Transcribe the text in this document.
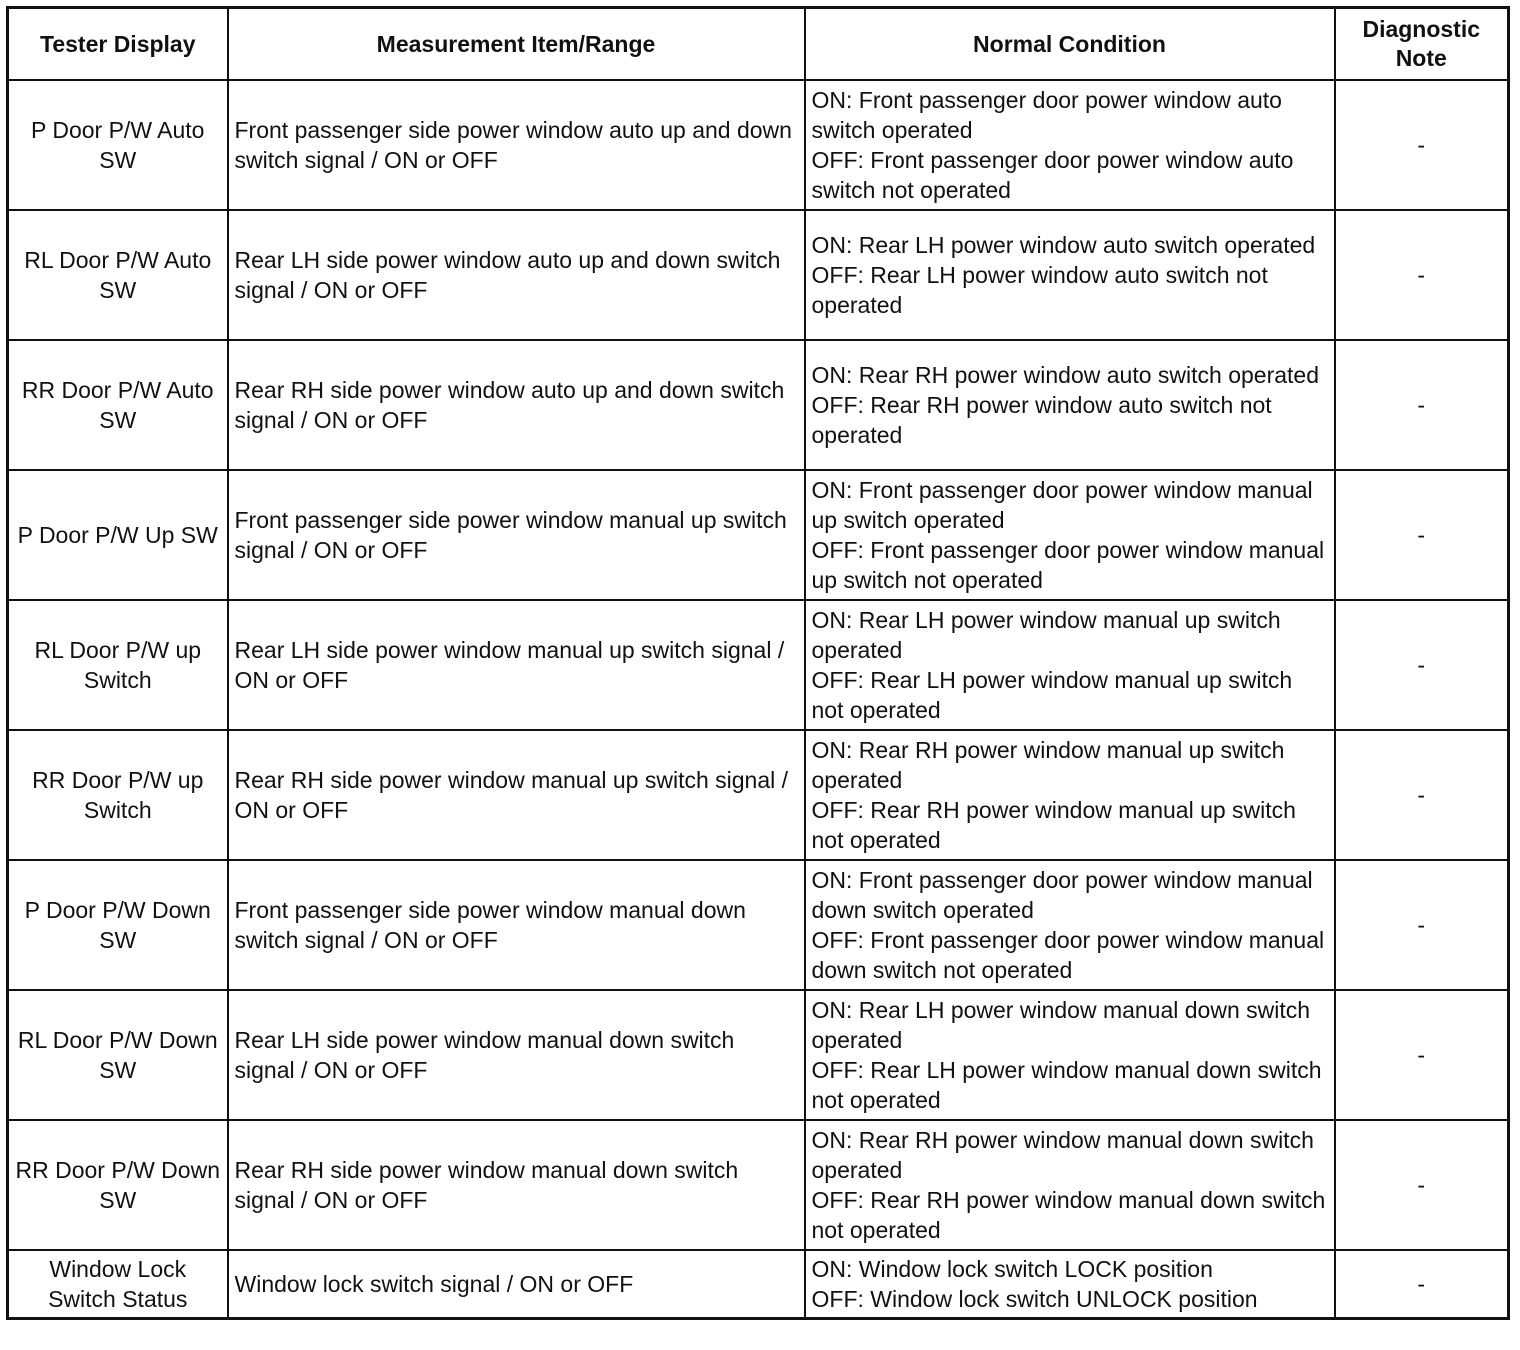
Tester Display	Measurement Item/Range	Normal Condition	Diagnostic
Note

P Door P/W Auto SW	Front passenger side power window auto up and down switch signal / ON or OFF	ON: Front passenger door power window auto switch operated
OFF: Front passenger door power window auto switch not operated	-
RL Door P/W Auto SW	Rear LH side power window auto up and down switch signal / ON or OFF	ON: Rear LH power window auto switch operated
OFF: Rear LH power window auto switch not operated	-
RR Door P/W Auto SW	Rear RH side power window auto up and down switch signal / ON or OFF	ON: Rear RH power window auto switch operated
OFF: Rear RH power window auto switch not operated	-
P Door P/W Up SW	Front passenger side power window manual up switch signal / ON or OFF	ON: Front passenger door power window manual up switch operated
OFF: Front passenger door power window manual up switch not operated	-
RL Door P/W up Switch	Rear LH side power window manual up switch signal / ON or OFF	ON: Rear LH power window manual up switch operated
OFF: Rear LH power window manual up switch not operated	-
RR Door P/W up Switch	Rear RH side power window manual up switch signal / ON or OFF	ON: Rear RH power window manual up switch operated
OFF: Rear RH power window manual up switch not operated	-
P Door P/W Down SW	Front passenger side power window manual down switch signal / ON or OFF	ON: Front passenger door power window manual down switch operated
OFF: Front passenger door power window manual down switch not operated	-
RL Door P/W Down SW	Rear LH side power window manual down switch signal / ON or OFF	ON: Rear LH power window manual down switch operated
OFF: Rear LH power window manual down switch not operated	-
RR Door P/W Down SW	Rear RH side power window manual down switch signal / ON or OFF	ON: Rear RH power window manual down switch operated
OFF: Rear RH power window manual down switch not operated	-
Window Lock Switch Status	Window lock switch signal / ON or OFF	ON: Window lock switch LOCK position
OFF: Window lock switch UNLOCK position	-
